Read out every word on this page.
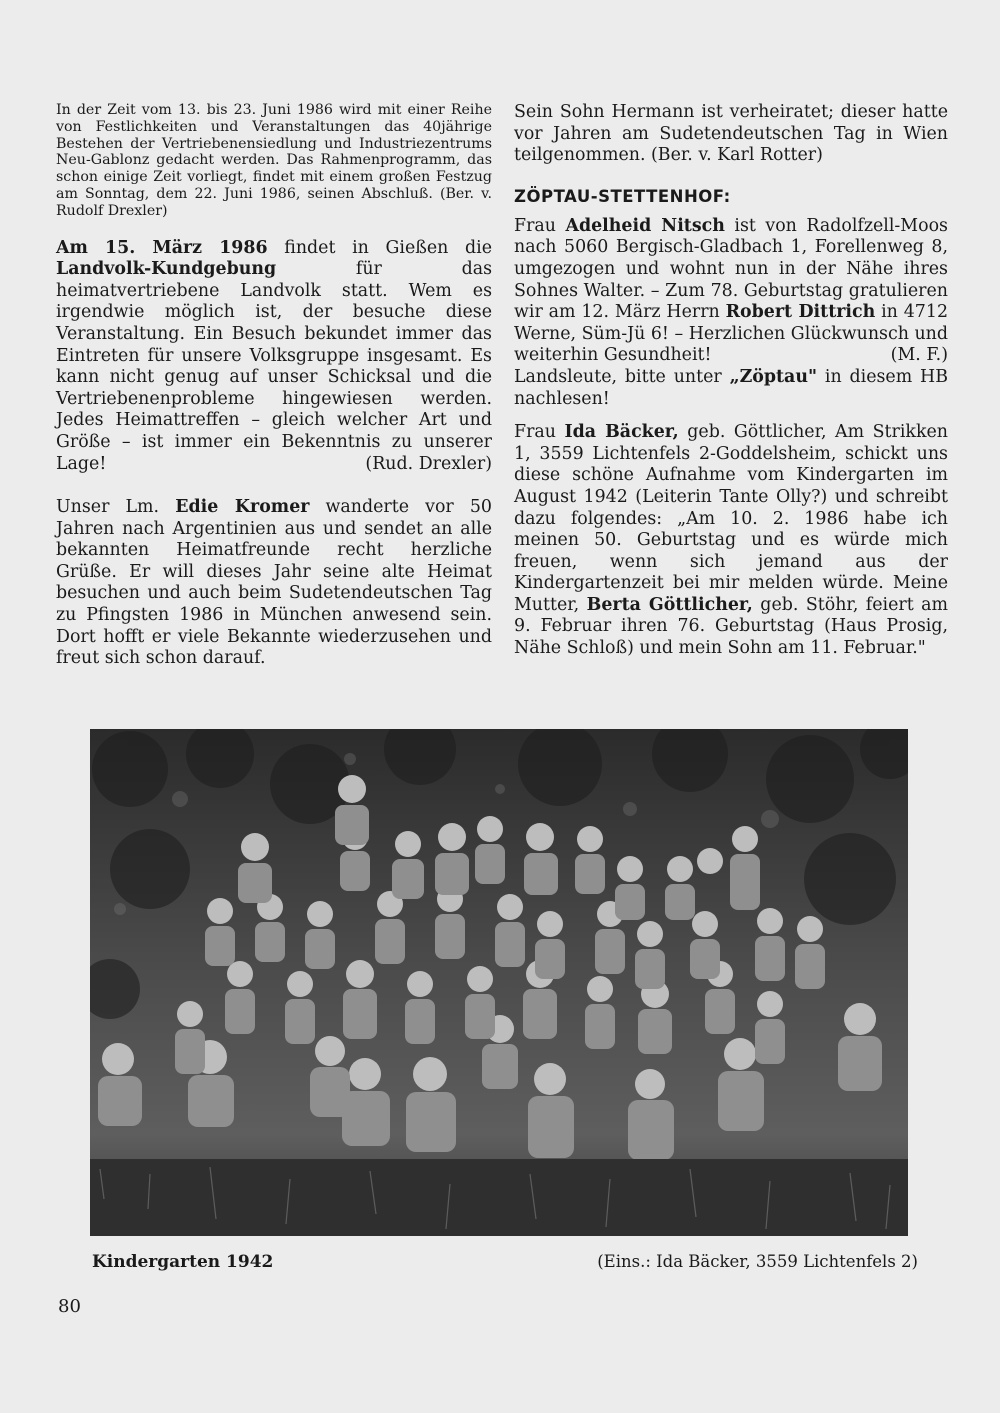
In der Zeit vom 13. bis 23. Juni 1986 wird mit einer Reihe von Festlichkeiten und Veranstaltungen das 40jährige Bestehen der Vertriebenensiedlung und Industriezentrums Neu-Gablonz gedacht werden. Das Rahmenprogramm, das schon einige Zeit vorliegt, findet mit einem großen Festzug am Sonntag, dem 22. Juni 1986, seinen Abschluß. (Ber. v. Rudolf Drexler)

Am 15. März 1986 findet in Gießen die Landvolk-Kundgebung für das heimatvertriebene Landvolk statt. Wem es irgendwie möglich ist, der besuche diese Veranstaltung. Ein Besuch bekundet immer das Eintreten für unsere Volksgruppe insgesamt. Es kann nicht genug auf unser Schicksal und die Vertriebenenprobleme hingewiesen werden. Jedes Heimattreffen – gleich welcher Art und Größe – ist immer ein Bekenntnis zu unserer Lage!	(Rud. Drexler)

Unser Lm. Edie Kromer wanderte vor 50 Jahren nach Argentinien aus und sendet an alle bekannten Heimatfreunde recht herzliche Grüße. Er will dieses Jahr seine alte Heimat besuchen und auch beim Sudetendeutschen Tag zu Pfingsten 1986 in München anwesend sein. Dort hofft er viele Bekannte wiederzusehen und freut sich schon darauf.

Sein Sohn Hermann ist verheiratet; dieser hatte vor Jahren am Sudetendeutschen Tag in Wien teilgenommen. (Ber. v. Karl Rotter)

ZÖPTAU-STETTENHOF:

Frau Adelheid Nitsch ist von Radolfzell-Moos nach 5060 Bergisch-Gladbach 1, Forellenweg 8, umgezogen und wohnt nun in der Nähe ihres Sohnes Walter. – Zum 78. Geburtstag gratulieren wir am 12. März Herrn Robert Dittrich in 4712 Werne, Süm-Jü 6! – Herzlichen Glückwunsch und weiterhin Gesundheit!	(M. F.)

Landsleute, bitte unter „Zöptau" in diesem HB nachlesen!

Frau Ida Bäcker, geb. Göttlicher, Am Strikken 1, 3559 Lichtenfels 2-Goddelsheim, schickt uns diese schöne Aufnahme vom Kindergarten im August 1942 (Leiterin Tante Olly?) und schreibt dazu folgendes: „Am 10. 2. 1986 habe ich meinen 50. Geburtstag und es würde mich freuen, wenn sich jemand aus der Kindergartenzeit bei mir melden würde. Meine Mutter, Berta Göttlicher, geb. Stöhr, feiert am 9. Februar ihren 76. Geburtstag (Haus Prosig, Nähe Schloß) und mein Sohn am 11. Februar."

Kindergarten 1942	(Eins.: Ida Bäcker, 3559 Lichtenfels 2)
80
